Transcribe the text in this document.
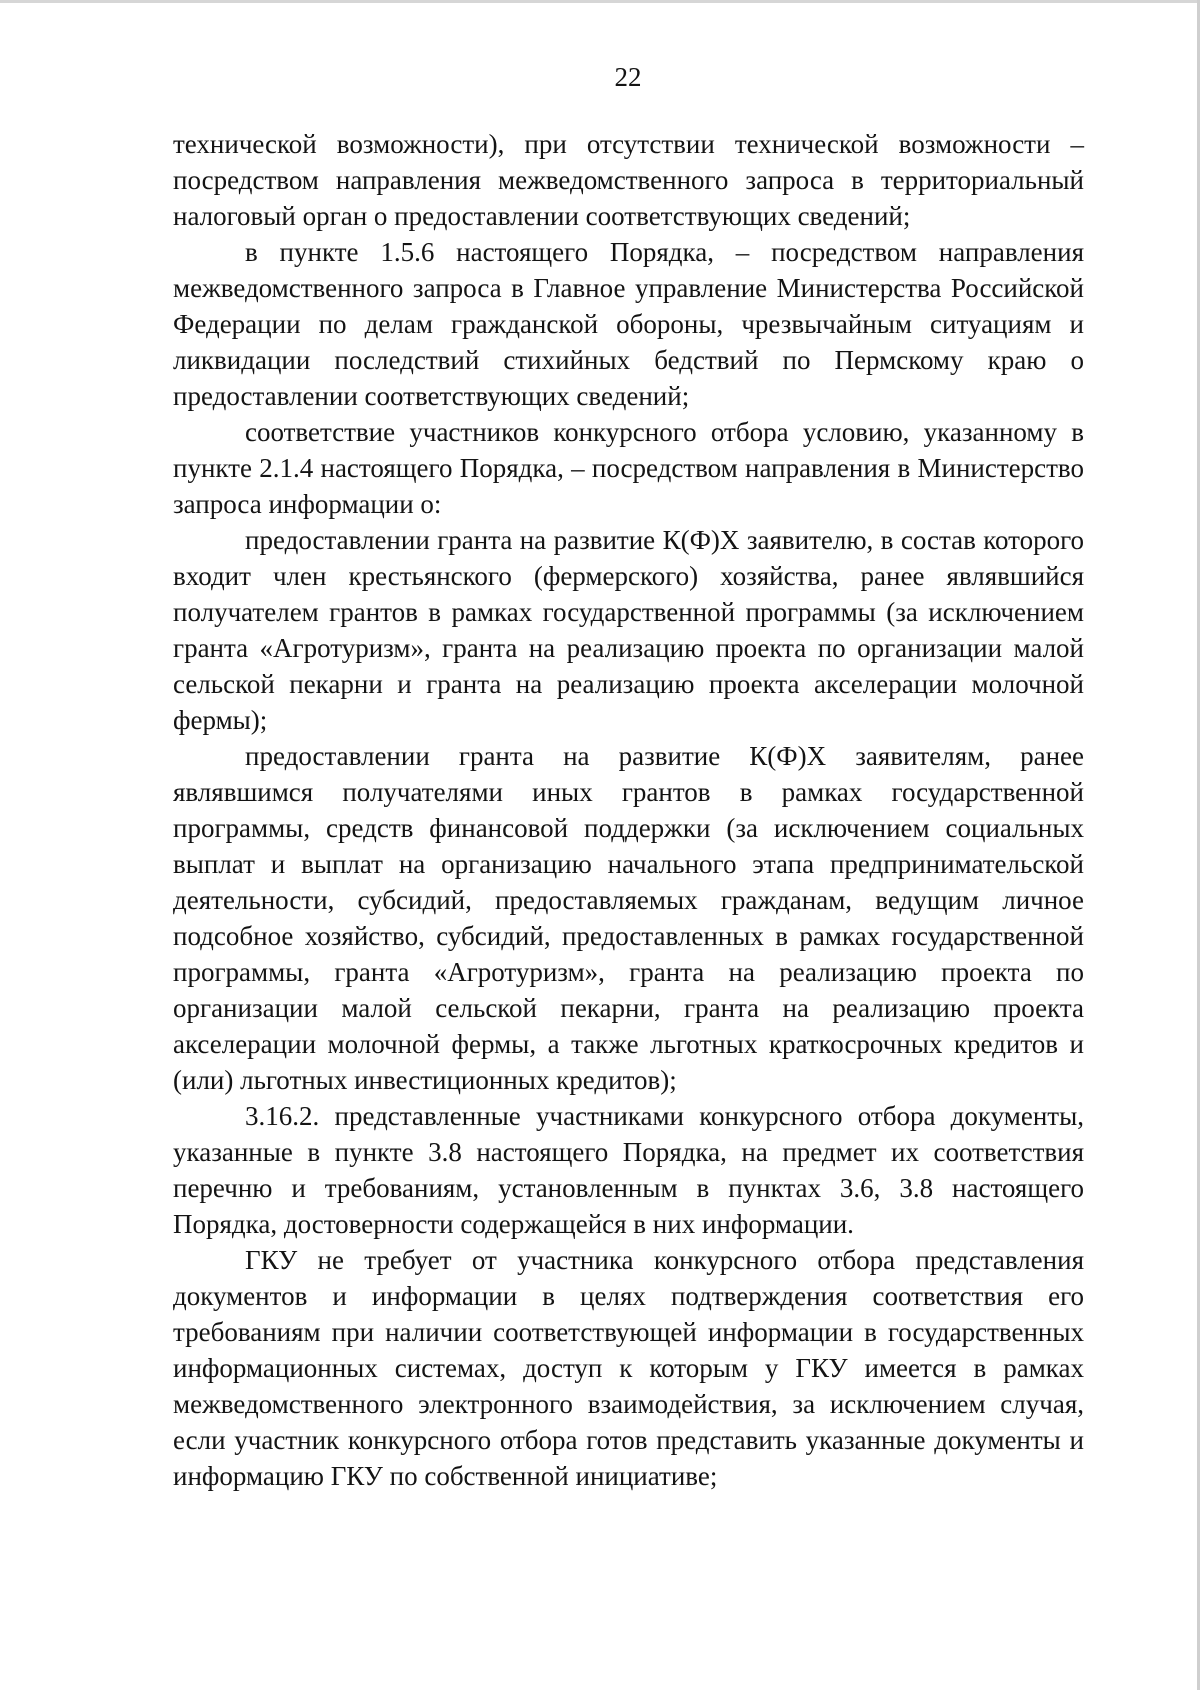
22

технической возможности), при отсутствии технической возможности – посредством направления межведомственного запроса в территориальный налоговый орган о предоставлении соответствующих сведений;

в пункте 1.5.6 настоящего Порядка, – посредством направления межведомственного запроса в Главное управление Министерства Российской Федерации по делам гражданской обороны, чрезвычайным ситуациям и ликвидации последствий стихийных бедствий по Пермскому краю о предоставлении соответствующих сведений;

соответствие участников конкурсного отбора условию, указанному в пункте 2.1.4 настоящего Порядка, – посредством направления в Министерство запроса информации о:

предоставлении гранта на развитие К(Ф)Х заявителю, в состав которого входит член крестьянского (фермерского) хозяйства, ранее являвшийся получателем грантов в рамках государственной программы (за исключением гранта «Агротуризм», гранта на реализацию проекта по организации малой сельской пекарни и гранта на реализацию проекта акселерации молочной фермы);

предоставлении гранта на развитие К(Ф)Х заявителям, ранее являвшимся получателями иных грантов в рамках государственной программы, средств финансовой поддержки (за исключением социальных выплат и выплат на организацию начального этапа предпринимательской деятельности, субсидий, предоставляемых гражданам, ведущим личное подсобное хозяйство, субсидий, предоставленных в рамках государственной программы, гранта «Агротуризм», гранта на реализацию проекта по организации малой сельской пекарни, гранта на реализацию проекта акселерации молочной фермы, а также льготных краткосрочных кредитов и (или) льготных инвестиционных кредитов);

3.16.2. представленные участниками конкурсного отбора документы, указанные в пункте 3.8 настоящего Порядка, на предмет их соответствия перечню и требованиям, установленным в пунктах 3.6, 3.8 настоящего Порядка, достоверности содержащейся в них информации.

ГКУ не требует от участника конкурсного отбора представления документов и информации в целях подтверждения соответствия его требованиям при наличии соответствующей информации в государственных информационных системах, доступ к которым у ГКУ имеется в рамках межведомственного электронного взаимодействия, за исключением случая, если участник конкурсного отбора готов представить указанные документы и информацию ГКУ по собственной инициативе;
